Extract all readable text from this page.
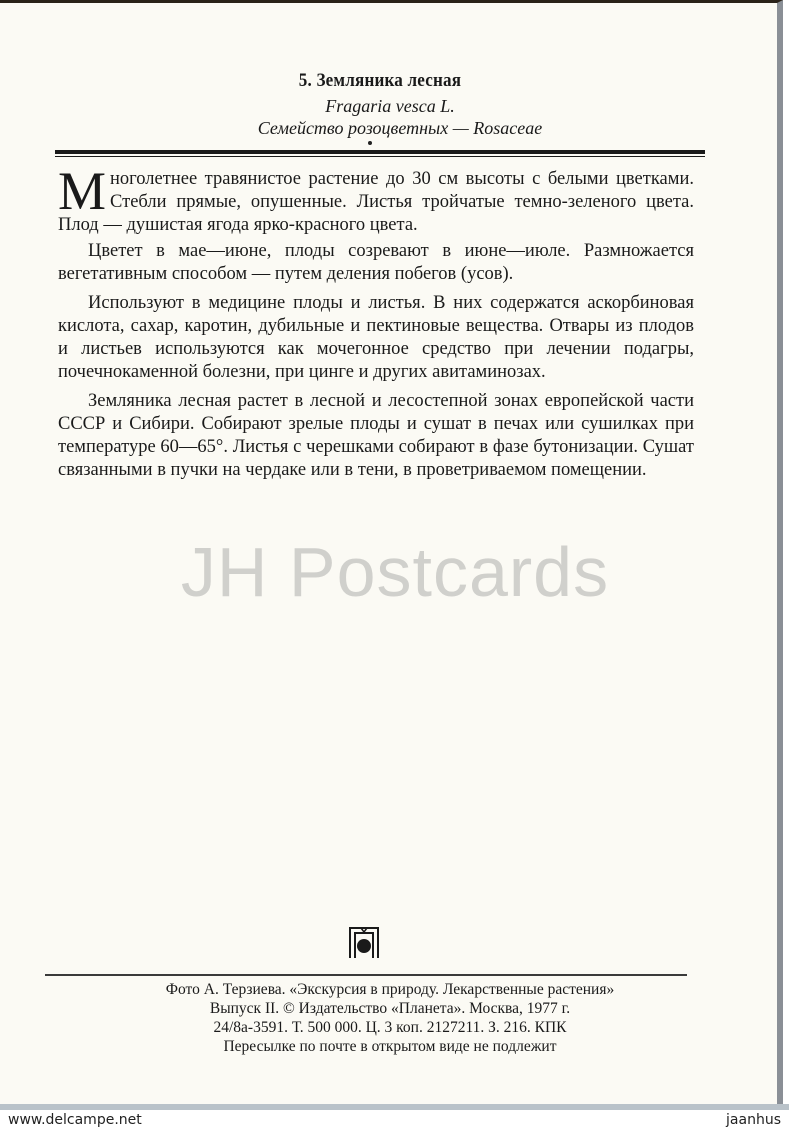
5. Земляника лесная
Fragaria vesca L.
Семейство розоцветных — Rosaceae

Многолетнее травянистое растение до 30 см высоты с белыми цветками. Стебли прямые, опушенные. Листья тройчатые темно-зеленого цвета. Плод — душистая ягода ярко-красного цвета.

Цветет в мае—июне, плоды созревают в июне—июле. Размножается вегетативным способом — путем деления побегов (усов).

Используют в медицине плоды и листья. В них содержатся аскорбиновая кислота, сахар, каротин, дубильные и пектиновые вещества. Отвары из плодов и листьев используются как мочегонное средство при лечении подагры, почечнокаменной болезни, при цинге и других авитаминозах.

Земляника лесная растет в лесной и лесостепной зонах европейской части СССР и Сибири. Собирают зрелые плоды и сушат в печах или сушилках при температуре 60—65°. Листья с черешками собирают в фазе бутонизации. Сушат связанными в пучки на чердаке или в тени, в проветриваемом помещении.

JH Postcards
Фото А. Терзиева. «Экскурсия в природу. Лекарственные растения»
Выпуск II. © Издательство «Планета». Москва, 1977 г.
24/8а-3591. Т. 500 000. Ц. 3 коп. 2127211. З. 216. КПК
Пересылке по почте в открытом виде не подлежит
www.delcampe.net	jaanhus
